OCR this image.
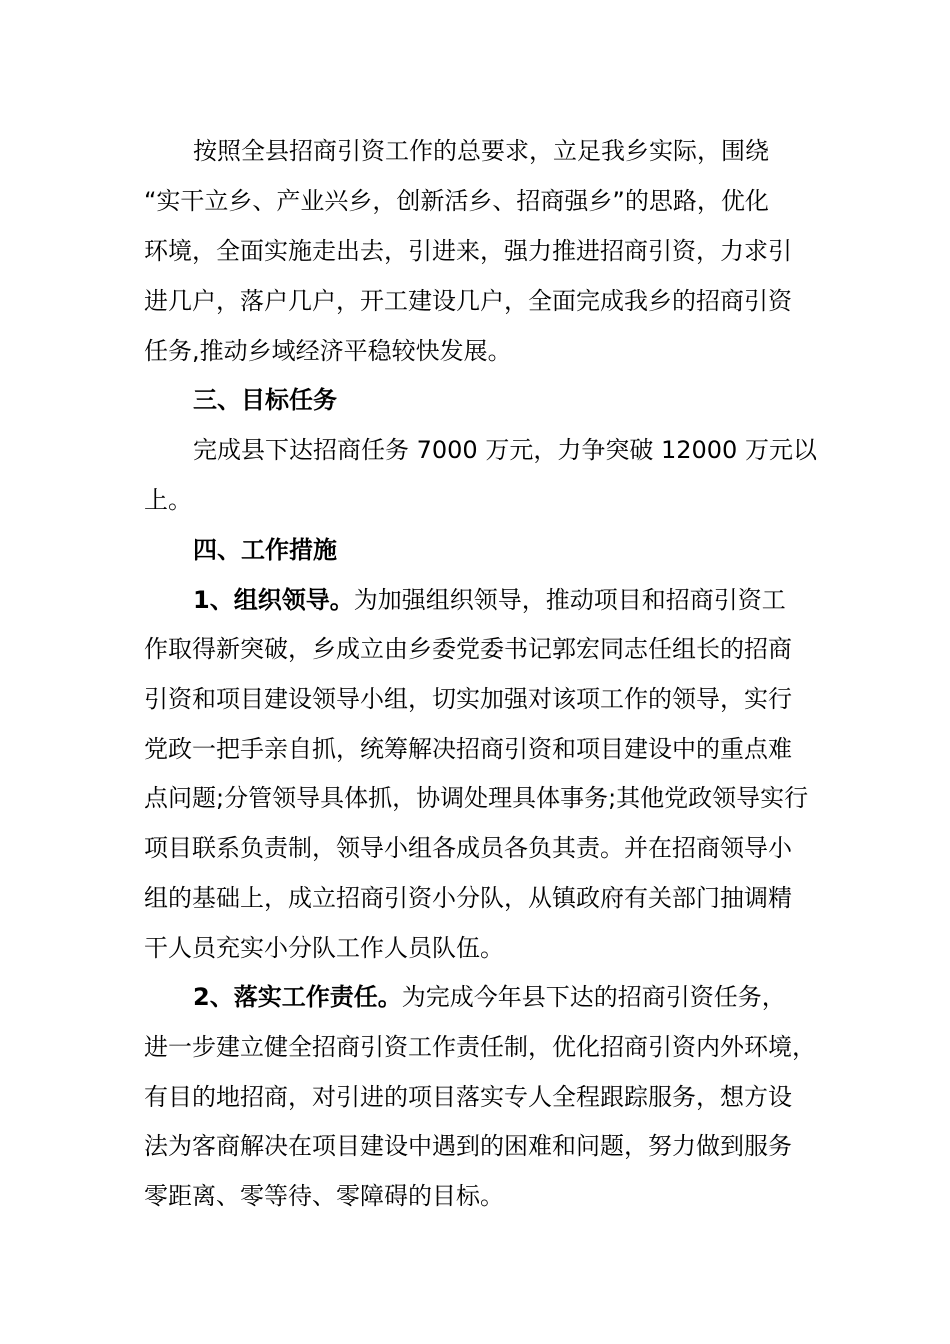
按照全县招商引资工作的总要求，立足我乡实际，围绕
“实干立乡、产业兴乡，创新活乡、招商强乡”的思路，优化
环境，全面实施走出去，引进来，强力推进招商引资，力求引
进几户，落户几户，开工建设几户，全面完成我乡的招商引资
任务,推动乡域经济平稳较快发展。
三、目标任务
完成县下达招商任务 7000 万元，力争突破 12000 万元以
上。
四、工作措施
1、组织领导。为加强组织领导，推动项目和招商引资工
作取得新突破，乡成立由乡委党委书记郭宏同志任组长的招商
引资和项目建设领导小组，切实加强对该项工作的领导，实行
党政一把手亲自抓，统筹解决招商引资和项目建设中的重点难
点问题;分管领导具体抓，协调处理具体事务;其他党政领导实行
项目联系负责制，领导小组各成员各负其责。并在招商领导小
组的基础上，成立招商引资小分队，从镇政府有关部门抽调精
干人员充实小分队工作人员队伍。
2、落实工作责任。为完成今年县下达的招商引资任务，
进一步建立健全招商引资工作责任制，优化招商引资内外环境，
有目的地招商，对引进的项目落实专人全程跟踪服务，想方设
法为客商解决在项目建设中遇到的困难和问题，努力做到服务
零距离、零等待、零障碍的目标。
